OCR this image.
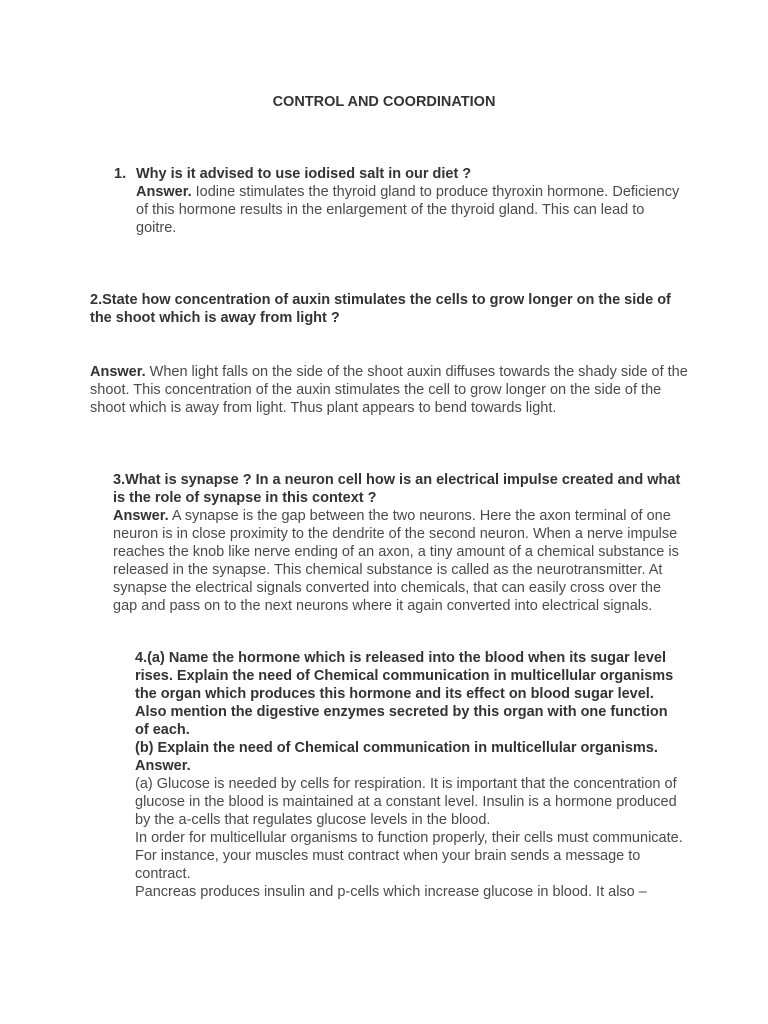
CONTROL AND COORDINATION
1. Why is it advised to use iodised salt in our diet ?

Answer. Iodine stimulates the thyroid gland to produce thyroxin hormone. Deficiency of this hormone results in the enlargement of the thyroid gland. This can lead to goitre.

2.State how concentration of auxin stimulates the cells to grow longer on the side of the shoot which is away from light ?
Answer. When light falls on the side of the shoot auxin diffuses towards the shady side of the shoot. This concentration of the auxin stimulates the cell to grow longer on the side of the shoot which is away from light. Thus plant appears to bend towards light.

3.What is synapse ? In a neuron cell how is an electrical impulse created and what is the role of synapse in this context ?

Answer. A synapse is the gap between the two neurons. Here the axon terminal of one neuron is in close proximity to the dendrite of the second neuron. When a nerve impulse reaches the knob like nerve ending of an axon, a tiny amount of a chemical substance is released in the synapse. This chemical substance is called as the neurotransmitter. At synapse the electrical signals converted into chemicals, that can easily cross over the gap and pass on to the next neurons where it again converted into electrical signals.

4.(a) Name the hormone which is released into the blood when its sugar level rises. Explain the need of Chemical communication in multicellular organisms the organ which produces this hormone and its effect on blood sugar level. Also mention the digestive enzymes secreted by this organ with one function of each.

(b) Explain the need of Chemical communication in multicellular organisms.

Answer.

(a) Glucose is needed by cells for respiration. It is important that the concentration of glucose in the blood is maintained at a constant level. Insulin is a hormone produced by the a-cells that regulates glucose levels in the blood.

In order for multicellular organisms to function properly, their cells must communicate. For instance, your muscles must contract when your brain sends a message to contract.

Pancreas produces insulin and p-cells which increase glucose in blood. It also –
